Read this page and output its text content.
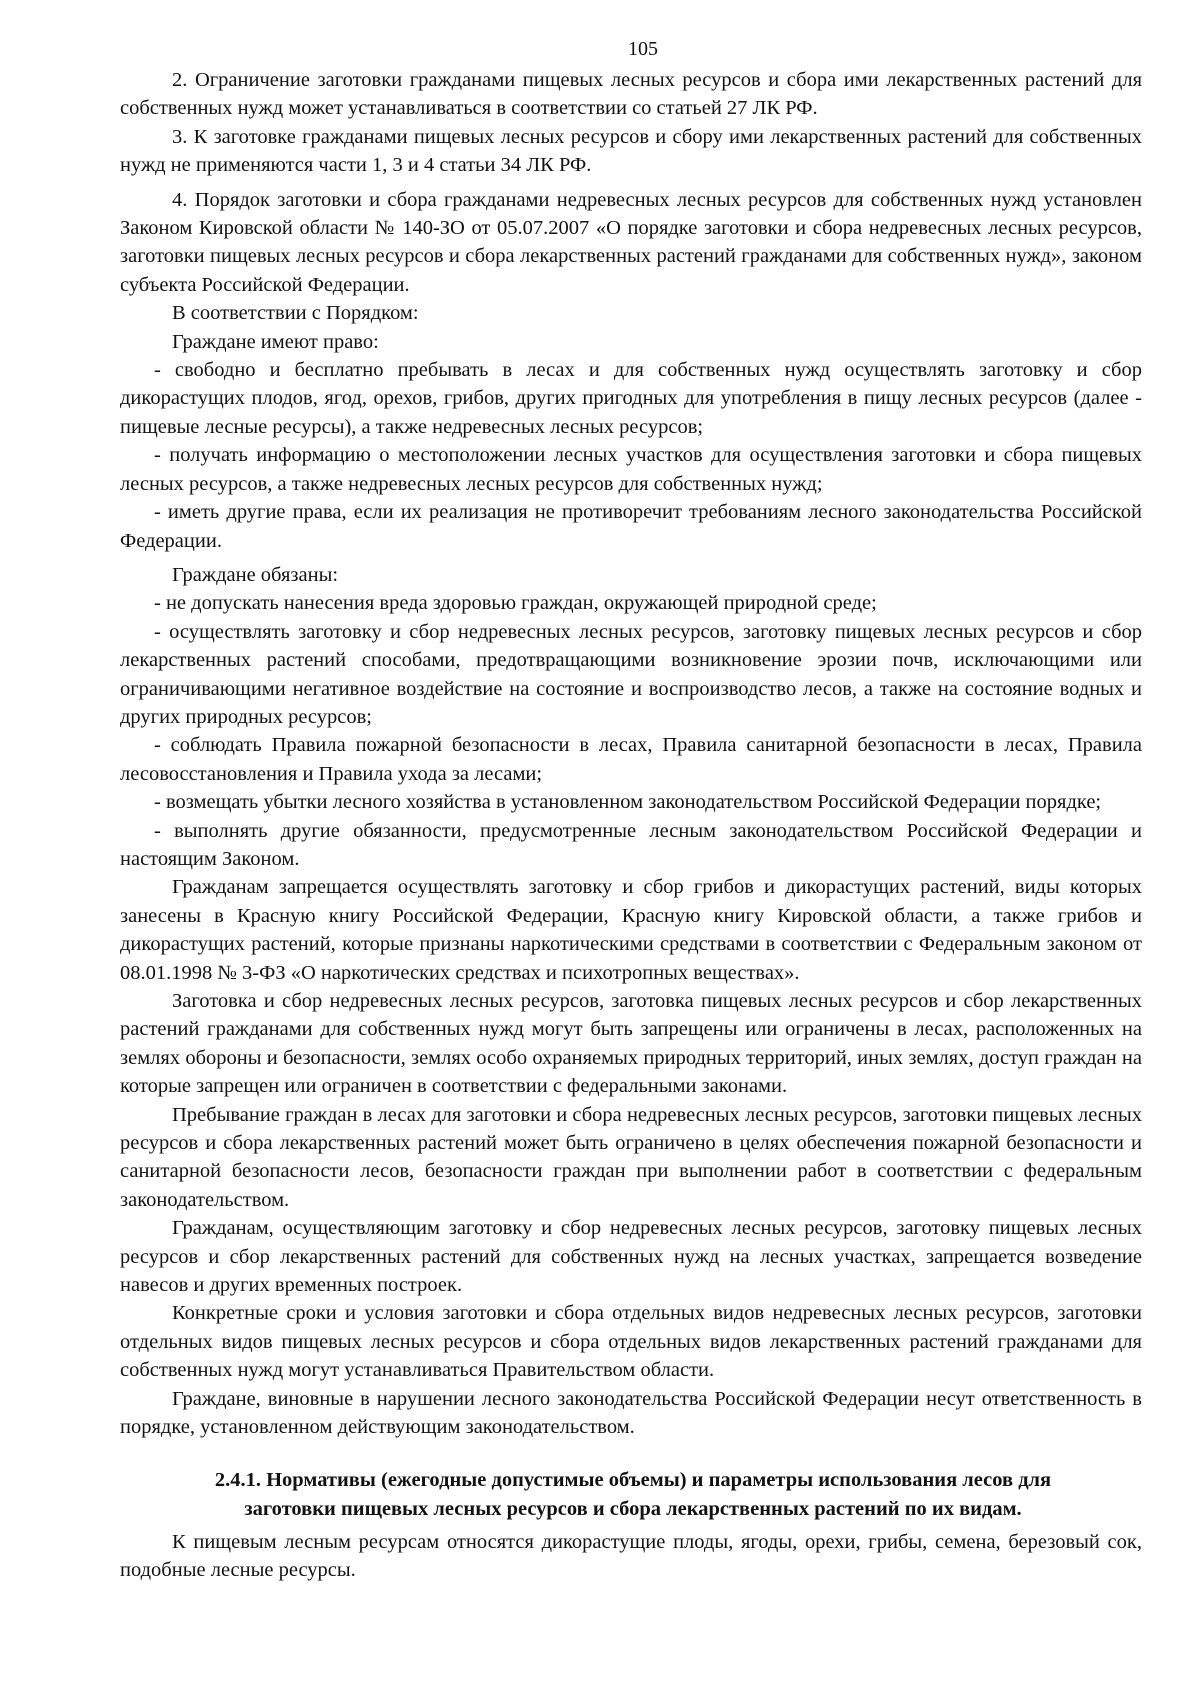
105

2. Ограничение заготовки гражданами пищевых лесных ресурсов и сбора ими лекарственных растений для собственных нужд может устанавливаться в соответствии со статьей 27 ЛК РФ.

3. К заготовке гражданами пищевых лесных ресурсов и сбору ими лекарственных растений для собственных нужд не применяются части 1, 3 и 4 статьи 34 ЛК РФ.

4. Порядок заготовки и сбора гражданами недревесных лесных ресурсов для собственных нужд установлен Законом Кировской области № 140-ЗО от 05.07.2007 «О порядке заготовки и сбора недревесных лесных ресурсов, заготовки пищевых лесных ресурсов и сбора лекарственных растений гражданами для собственных нужд», законом субъекта Российской Федерации.

В соответствии с Порядком:

Граждане имеют право:

- свободно и бесплатно пребывать в лесах и для собственных нужд осуществлять заготовку и сбор дикорастущих плодов, ягод, орехов, грибов, других пригодных для употребления в пищу лесных ресурсов (далее - пищевые лесные ресурсы), а также недревесных лесных ресурсов;

- получать информацию о местоположении лесных участков для осуществления заготовки и сбора пищевых лесных ресурсов, а также недревесных лесных ресурсов для собственных нужд;

- иметь другие права, если их реализация не противоречит требованиям лесного законодательства Российской Федерации.

Граждане обязаны:

- не допускать нанесения вреда здоровью граждан, окружающей природной среде;

- осуществлять заготовку и сбор недревесных лесных ресурсов, заготовку пищевых лесных ресурсов и сбор лекарственных растений способами, предотвращающими возникновение эрозии почв, исключающими или ограничивающими негативное воздействие на состояние и воспроизводство лесов, а также на состояние водных и других природных ресурсов;

- соблюдать Правила пожарной безопасности в лесах, Правила санитарной безопасности в лесах, Правила лесовосстановления и Правила ухода за лесами;

- возмещать убытки лесного хозяйства в установленном законодательством Российской Федерации порядке;

- выполнять другие обязанности, предусмотренные лесным законодательством Российской Федерации и настоящим Законом.

Гражданам запрещается осуществлять заготовку и сбор грибов и дикорастущих растений, виды которых занесены в Красную книгу Российской Федерации, Красную книгу Кировской области, а также грибов и дикорастущих растений, которые признаны наркотическими средствами в соответствии с Федеральным законом от 08.01.1998 № 3-ФЗ «О наркотических средствах и психотропных веществах».

Заготовка и сбор недревесных лесных ресурсов, заготовка пищевых лесных ресурсов и сбор лекарственных растений гражданами для собственных нужд могут быть запрещены или ограничены в лесах, расположенных на землях обороны и безопасности, землях особо охраняемых природных территорий, иных землях, доступ граждан на которые запрещен или ограничен в соответствии с федеральными законами.

Пребывание граждан в лесах для заготовки и сбора недревесных лесных ресурсов, заготовки пищевых лесных ресурсов и сбора лекарственных растений может быть ограничено в целях обеспечения пожарной безопасности и санитарной безопасности лесов, безопасности граждан при выполнении работ в соответствии с федеральным законодательством.

Гражданам, осуществляющим заготовку и сбор недревесных лесных ресурсов, заготовку пищевых лесных ресурсов и сбор лекарственных растений для собственных нужд на лесных участках, запрещается возведение навесов и других временных построек.

Конкретные сроки и условия заготовки и сбора отдельных видов недревесных лесных ресурсов, заготовки отдельных видов пищевых лесных ресурсов и сбора отдельных видов лекарственных растений гражданами для собственных нужд могут устанавливаться Правительством области.

Граждане, виновные в нарушении лесного законодательства Российской Федерации несут ответственность в порядке, установленном действующим законодательством.

2.4.1. Нормативы (ежегодные допустимые объемы) и параметры использования лесов для
заготовки пищевых лесных ресурсов и сбора лекарственных растений по их видам.

К пищевым лесным ресурсам относятся дикорастущие плоды, ягоды, орехи, грибы, семена, березовый сок, подобные лесные ресурсы.
